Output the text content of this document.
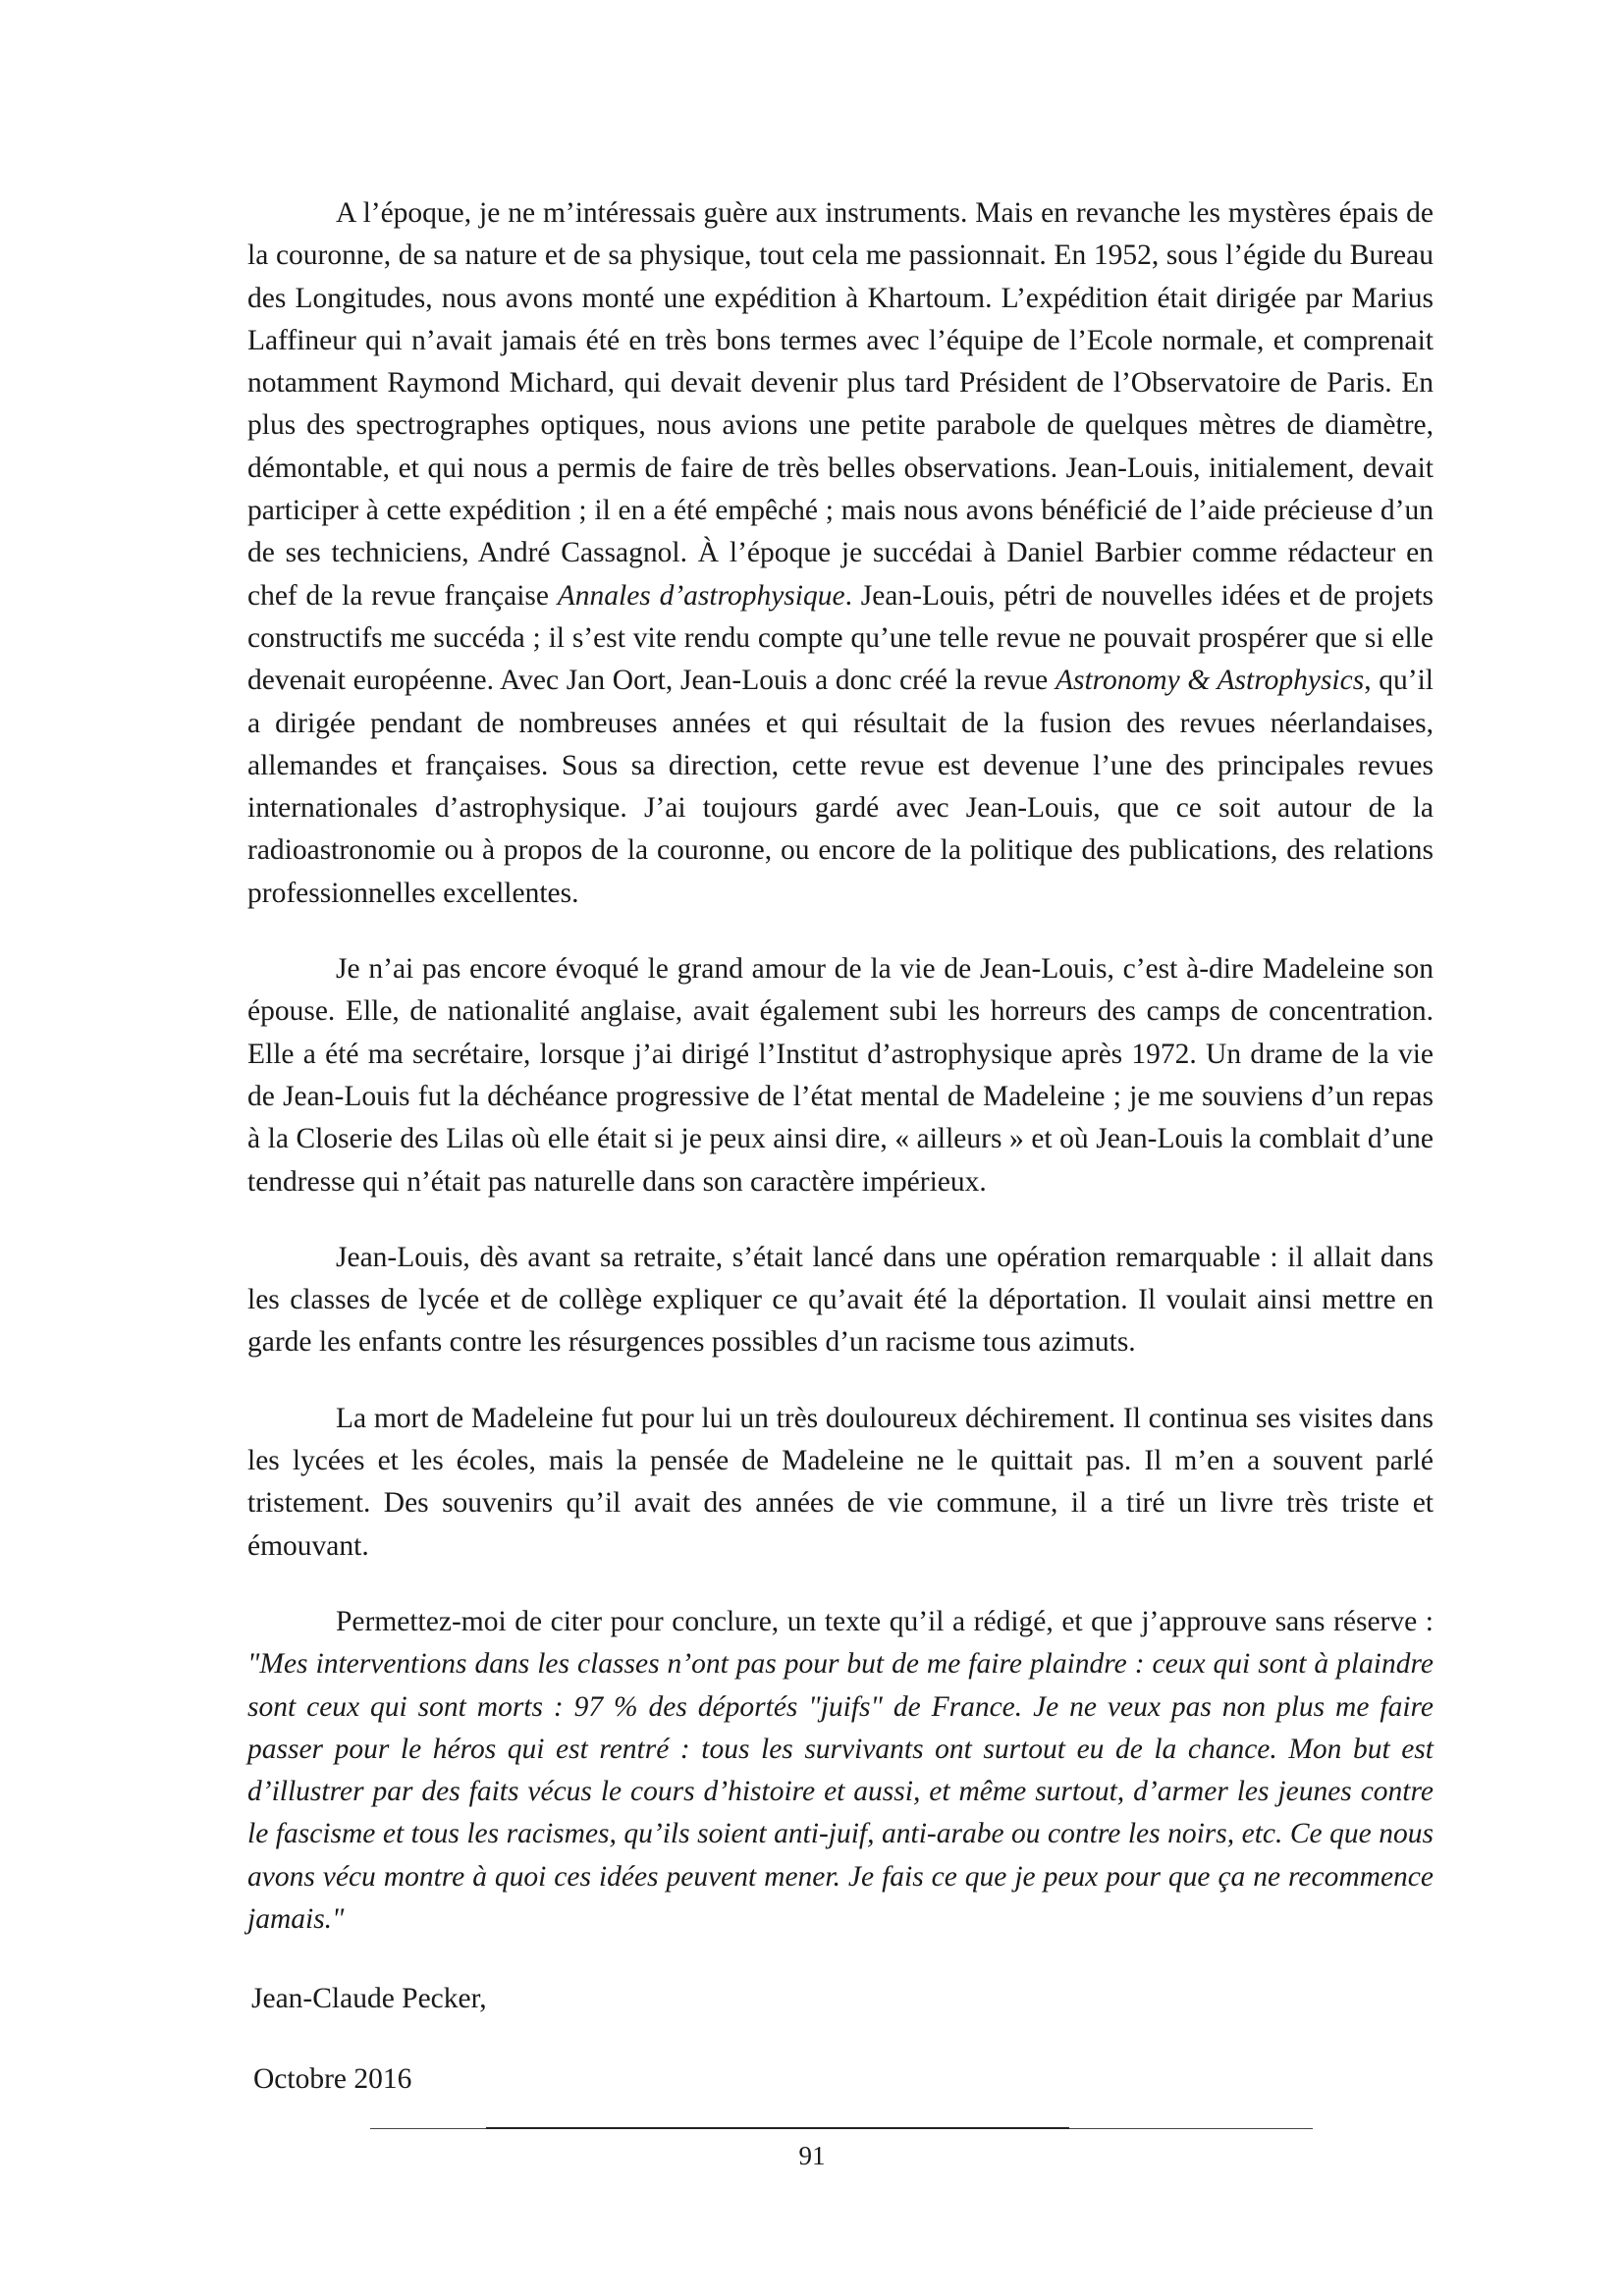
A l’époque, je ne m’intéressais guère aux instruments. Mais en revanche les mystères épais de la couronne, de sa nature et de sa physique, tout cela me passionnait. En 1952, sous l’égide du Bureau des Longitudes, nous avons monté une expédition à Khartoum. L’expédition était dirigée par Marius Laffineur qui n’avait jamais été en très bons termes avec l’équipe de l’Ecole normale, et comprenait notamment Raymond Michard, qui devait devenir plus tard Président de l’Observatoire de Paris. En plus des spectrographes optiques, nous avions une petite parabole de quelques mètres de diamètre, démontable, et qui nous a permis de faire de très belles observations. Jean-Louis, initialement, devait participer à cette expédition ; il en a été empêché ; mais nous avons bénéficié de l’aide précieuse d’un de ses techniciens, André Cassagnol. À l’époque je succédai à Daniel Barbier comme rédacteur en chef de la revue française Annales d’astrophysique. Jean-Louis, pétri de nouvelles idées et de projets constructifs me succéda ; il s’est vite rendu compte qu’une telle revue ne pouvait prospérer que si elle devenait européenne. Avec Jan Oort, Jean-Louis a donc créé la revue Astronomy & Astrophysics, qu’il a dirigée pendant de nombreuses années et qui résultait de la fusion des revues néerlandaises, allemandes et françaises. Sous sa direction, cette revue est devenue l’une des principales revues internationales d’astrophysique. J’ai toujours gardé avec Jean-Louis, que ce soit autour de la radioastronomie ou à propos de la couronne, ou encore de la politique des publications, des relations professionnelles excellentes.

Je n’ai pas encore évoqué le grand amour de la vie de Jean-Louis, c’est à-dire Madeleine son épouse. Elle, de nationalité anglaise, avait également subi les horreurs des camps de concentration. Elle a été ma secrétaire, lorsque j’ai dirigé l’Institut d’astrophysique après 1972. Un drame de la vie de Jean-Louis fut la déchéance progressive de l’état mental de Madeleine ; je me souviens d’un repas à la Closerie des Lilas où elle était si je peux ainsi dire, « ailleurs » et où Jean-Louis la comblait d’une tendresse qui n’était pas naturelle dans son caractère impérieux.

Jean-Louis, dès avant sa retraite, s’était lancé dans une opération remarquable : il allait dans les classes de lycée et de collège expliquer ce qu’avait été la déportation. Il voulait ainsi mettre en garde les enfants contre les résurgences possibles d’un racisme tous azimuts.

La mort de Madeleine fut pour lui un très douloureux déchirement. Il continua ses visites dans les lycées et les écoles, mais la pensée de Madeleine ne le quittait pas. Il m’en a souvent parlé tristement. Des souvenirs qu’il avait des années de vie commune, il a tiré un livre très triste et émouvant.

Permettez-moi de citer pour conclure, un texte qu’il a rédigé, et que j’approuve sans réserve : "Mes interventions dans les classes n’ont pas pour but de me faire plaindre : ceux qui sont à plaindre sont ceux qui sont morts : 97 % des déportés "juifs" de France. Je ne veux pas non plus me faire passer pour le héros qui est rentré : tous les survivants ont surtout eu de la chance. Mon but est d’illustrer par des faits vécus le cours d’histoire et aussi, et même surtout, d’armer les jeunes contre le fascisme et tous les racismes, qu’ils soient anti-juif, anti-arabe ou contre les noirs, etc. Ce que nous avons vécu montre à quoi ces idées peuvent mener. Je fais ce que je peux pour que ça ne recommence jamais."

Jean-Claude Pecker,

Octobre 2016

91
